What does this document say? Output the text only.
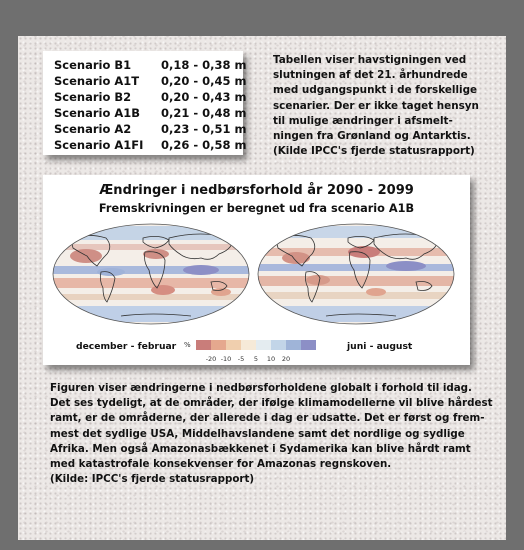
Scenario B1	0,18 - 0,38 m
Scenario A1T 0,20 - 0,45 m
Scenario B2	0,20 - 0,43 m
Scenario A1B 0,21 - 0,48 m
Scenario A2	0,23 - 0,51 m
Scenario A1FI 0,26 - 0,58 m
Tabellen viser havstigningen ved
slutningen af det 21. århundrede
med udgangspunkt i de forskellige
scenarier. Der er ikke taget hensyn
til mulige ændringer i afsmelt-
ningen fra Grønland og Antarktis.
(Kilde IPCC's fjerde statusrapport)
Ændringer i nedbørsforhold år 2090 - 2099
Fremskrivningen er beregnet ud fra scenario A1B
december - februar	juni - august
%
-20 -10 -5 5 10 20
Figuren viser ændringerne i nedbørsforholdene globalt i forhold til idag.
Det ses tydeligt, at de områder, der ifølge klimamodellerne vil blive hårdest
ramt, er de områderne, der allerede i dag er udsatte. Det er først og frem-
mest det sydlige USA, Middelhavslandene samt det nordlige og sydlige
Afrika. Men også Amazonasbækkenet i Sydamerika kan blive hårdt ramt
med katastrofale konsekvenser for Amazonas regnskoven.
(Kilde: IPCC's fjerde statusrapport)
